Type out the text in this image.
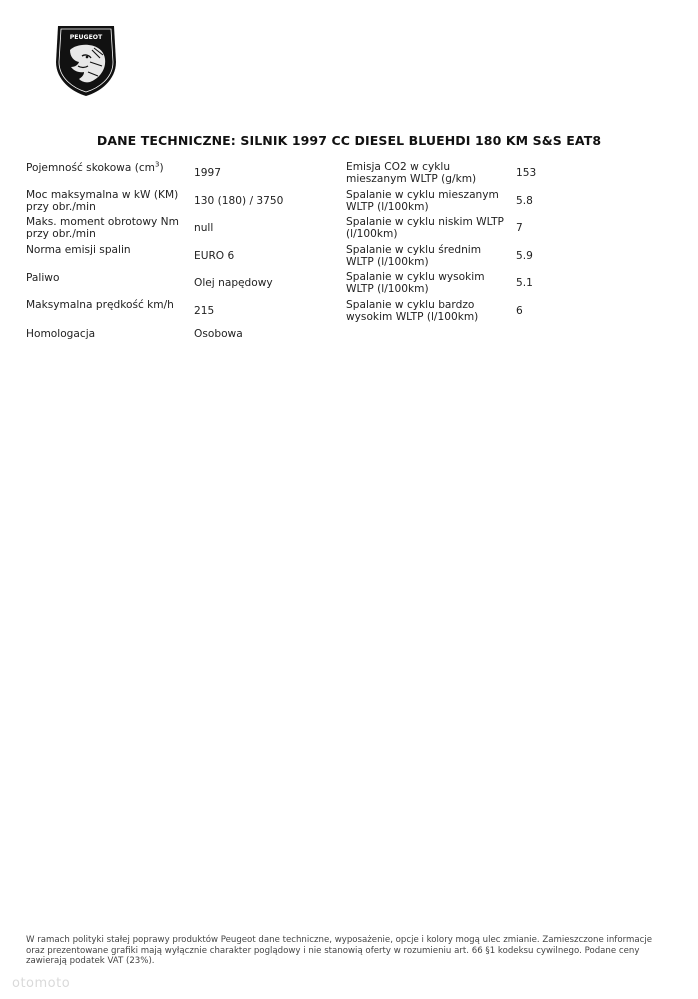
PEUGEOT
DANE TECHNICZNE: SILNIK 1997 CC DIESEL BLUEHDI 180 KM S&S EAT8
Pojemność skokowa $(cm^3)$	1997
Moc maksymalna w kW (KM) przy obr./min	130 (180) / 3750
Maks. moment obrotowy Nm przy obr./min	null
Norma emisji spalin	EURO 6
Paliwo	Olej napędowy
Maksymalna prędkość km/h	215
Homologacja	Osobowa
Emisja CO2 w cyklu mieszanym WLTP (g/km)	153
Spalanie w cyklu mieszanym WLTP (l/100km)	5.8
Spalanie w cyklu niskim WLTP (l/100km)	7
Spalanie w cyklu średnim WLTP (l/100km)	5.9
Spalanie w cyklu wysokim WLTP (l/100km)	5.1
Spalanie w cyklu bardzo wysokim WLTP (l/100km)	6
W ramach polityki stałej poprawy produktów Peugeot dane techniczne, wyposażenie, opcje i kolory mogą ulec zmianie. Zamieszczone informacje oraz prezentowane grafiki mają wyłącznie charakter poglądowy i nie stanowią oferty w rozumieniu art. 66 §1 kodeksu cywilnego. Podane ceny zawierają podatek VAT (23%).
otomoto
